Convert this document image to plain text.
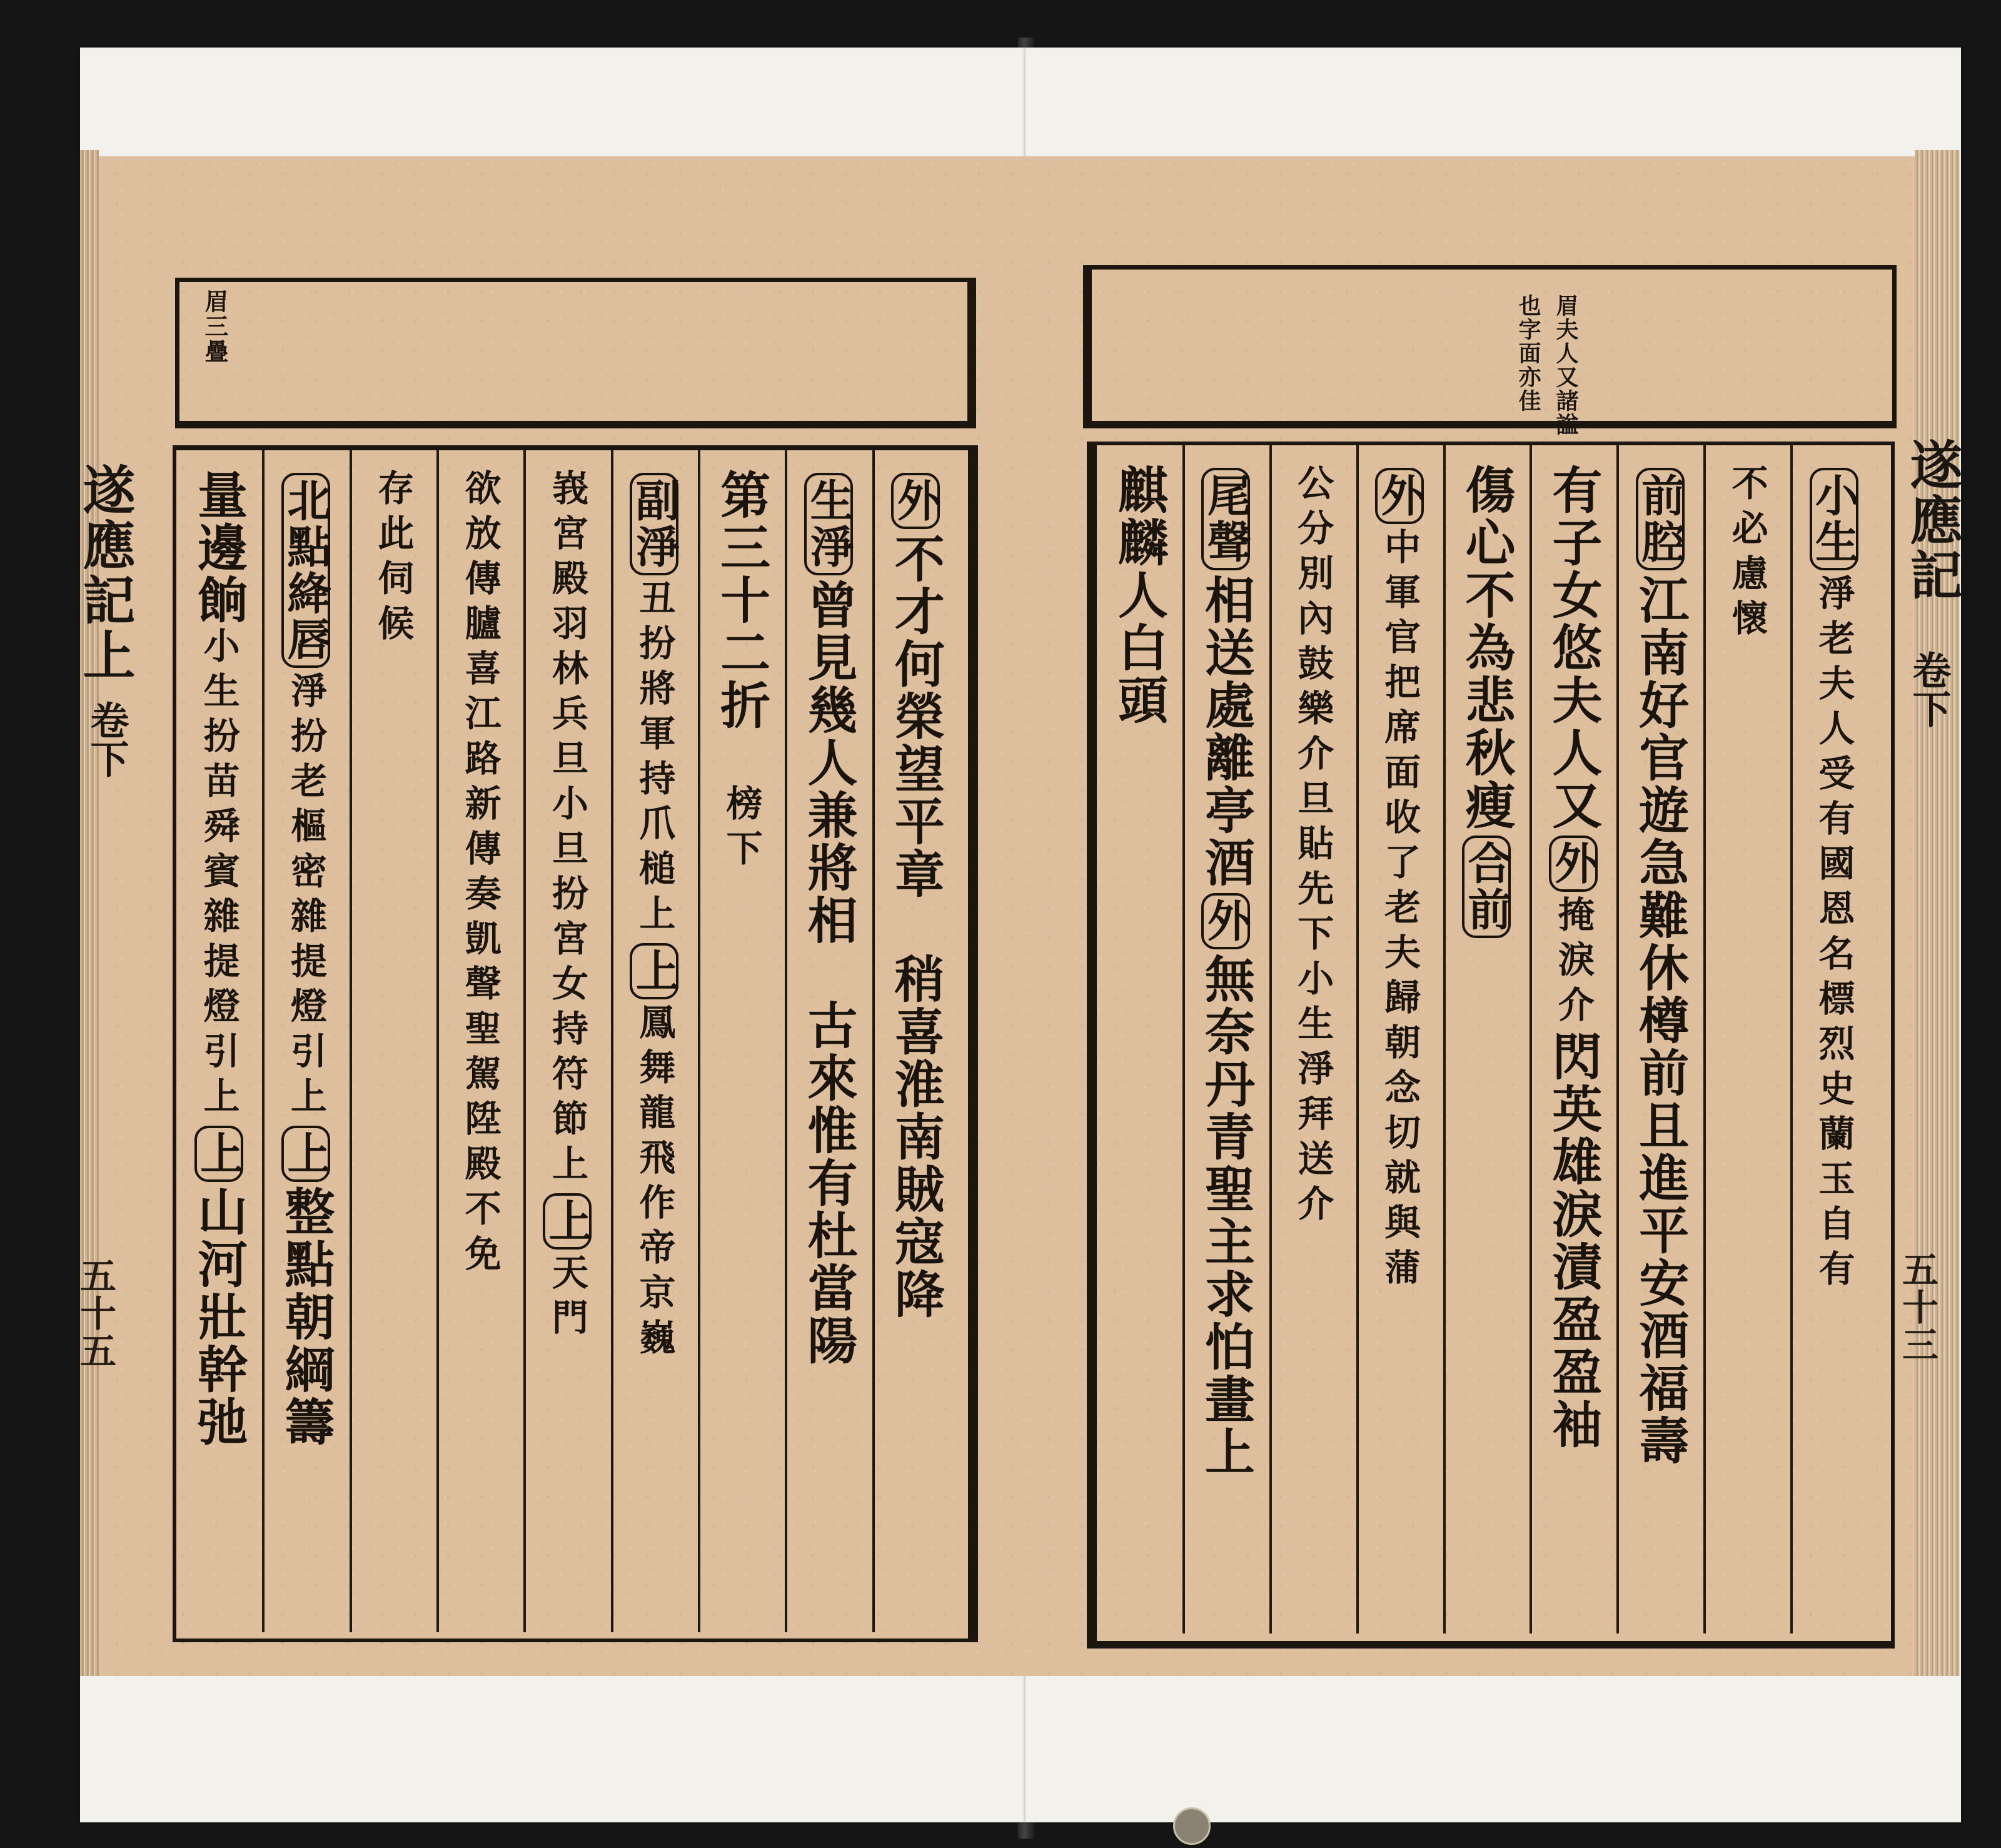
眉三疊	眉夫人又諸諡
也字面亦佳
外不才何榮望平章　稍喜淮南賊寇降
生淨曾見幾人兼將相　古來惟有杜當陽
第三十二折　榜下
副淨丑扮將軍持爪槌上上鳳舞龍飛作帝京巍
峩宮殿羽林兵旦小旦扮宮女持符節上上天門
欲放傳臚喜江路新傳奏凱聲聖駕陞殿不免
存此伺候
北點絳唇淨扮老樞密雜提燈引上上整點朝綱籌
量邊餉小生扮苗舜賓雜提燈引上上山河壯幹弛
小生淨老夫人受有國恩名標烈史蘭玉自有
不必慮懷
前腔江南好官遊急難休樽前且進平安酒福壽
有子女悠夫人又外掩淚介閃英雄淚漬盈盈袖
傷心不為悲秋瘦合前
外中軍官把席面收了老夫歸朝念切就與蒲
公分別內鼓樂介旦貼先下小生淨拜送介
尾聲相送處離亭酒外無奈丹青聖主求怕畫上
麒麟人白頭
遂應記上
卷下
五十五
遂應記
卷下
五十三
